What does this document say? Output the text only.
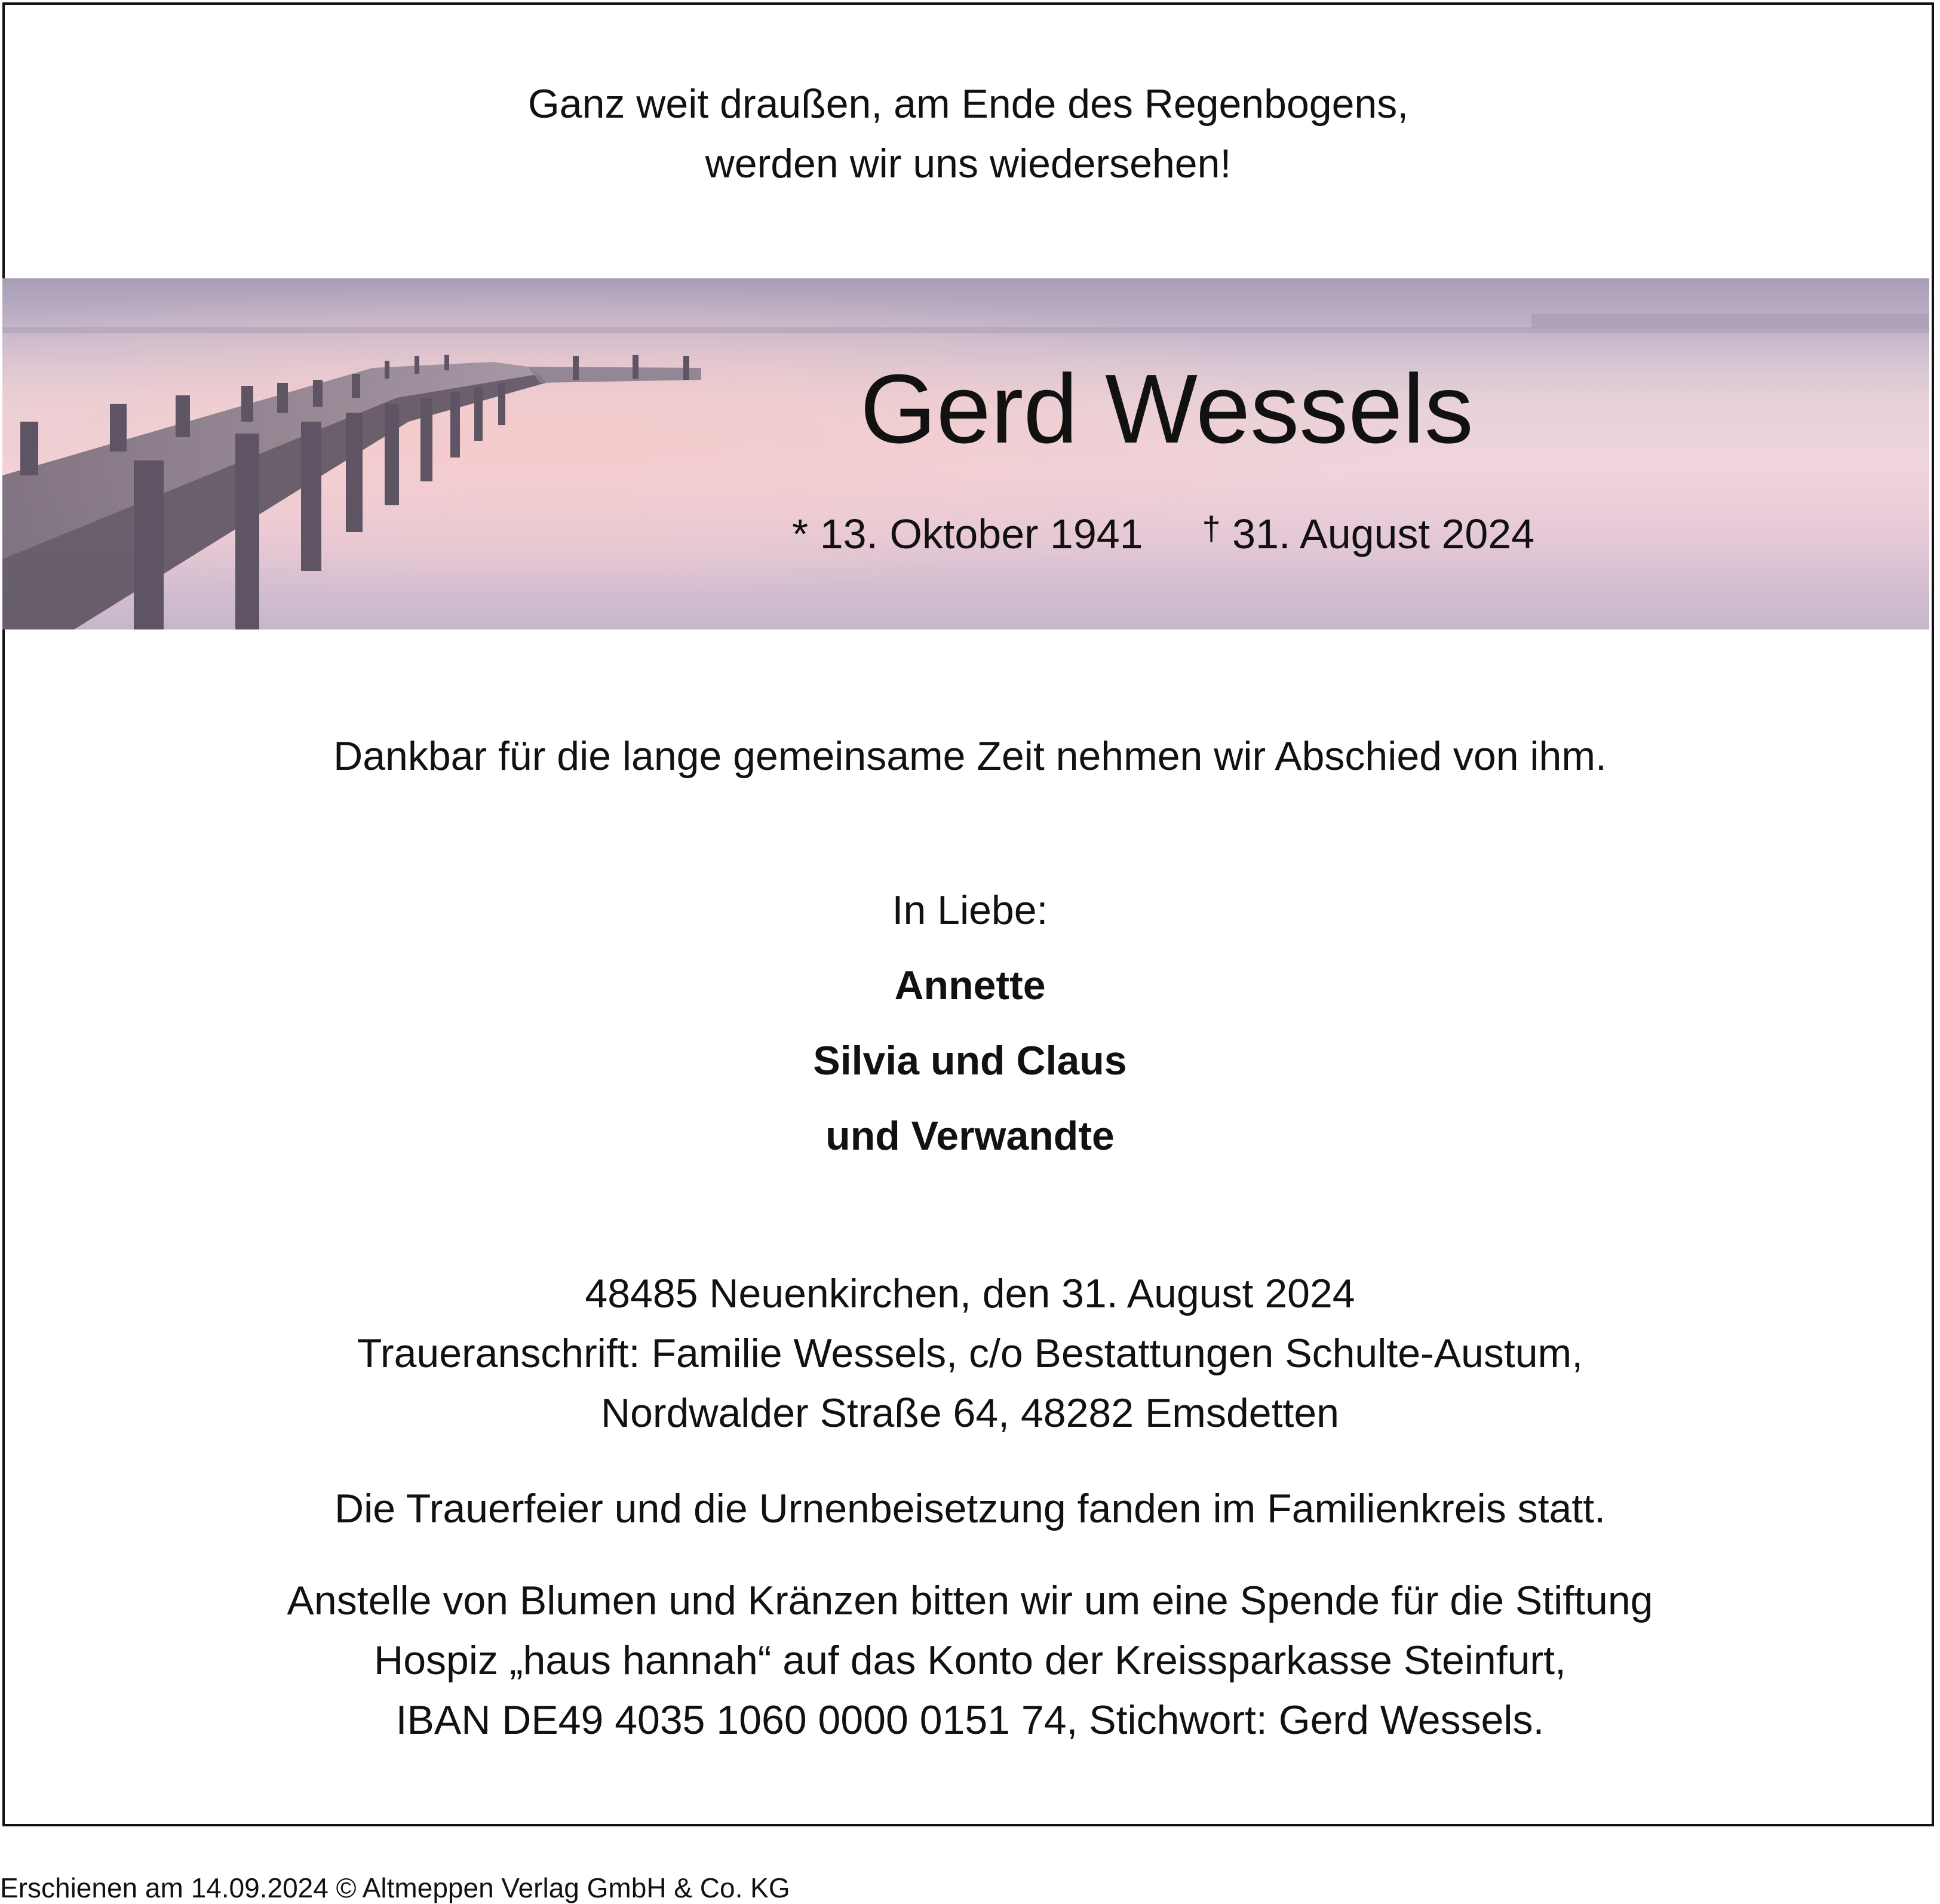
Ganz weit draußen, am Ende des Regenbogens,
werden wir uns wiedersehen!
Gerd Wessels
* 13. Oktober 1941 † 31. August 2024
Dankbar für die lange gemeinsame Zeit nehmen wir Abschied von ihm.
In Liebe:
Annette
Silvia und Claus
und Verwandte
48485 Neuenkirchen, den 31. August 2024
Traueranschrift: Familie Wessels, c/o Bestattungen Schulte-Austum,
Nordwalder Straße 64, 48282 Emsdetten
Die Trauerfeier und die Urnenbeisetzung fanden im Familienkreis statt.
Anstelle von Blumen und Kränzen bitten wir um eine Spende für die Stiftung
Hospiz „haus hannah“ auf das Konto der Kreissparkasse Steinfurt,
IBAN DE49 4035 1060 0000 0151 74, Stichwort: Gerd Wessels.
Erschienen am 14.09.2024 © Altmeppen Verlag GmbH & Co. KG
